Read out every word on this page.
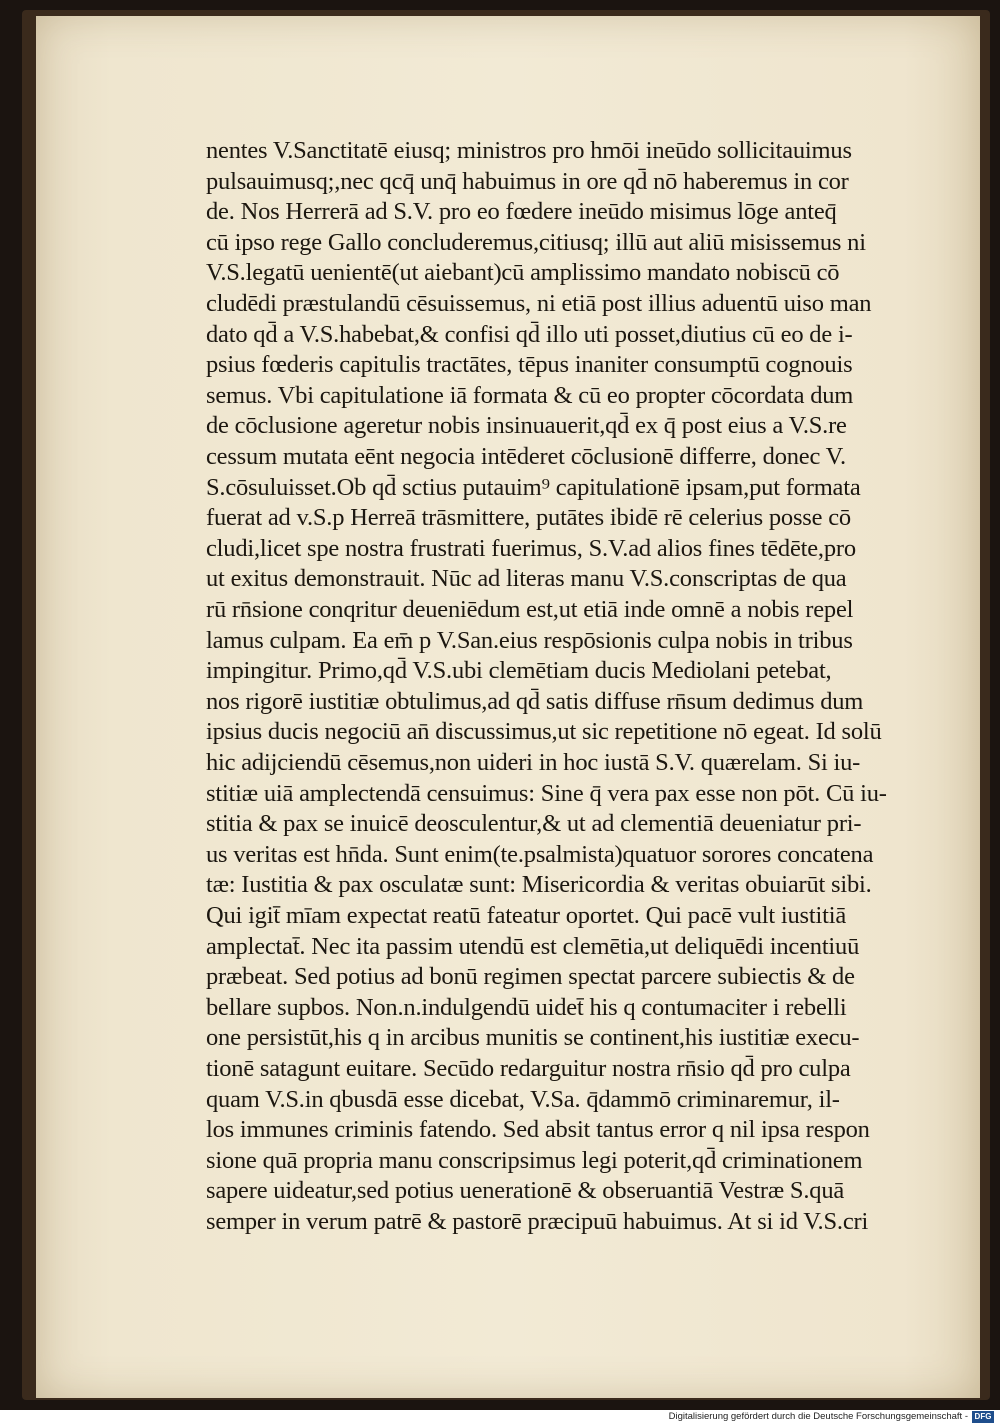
nentes V.Sanctitatē eiusq; ministros pro hmōi ineūdo sollicitauimus
pulsauimusq;,nec qcq̄ unq̄ habuimus in ore qd̄ nō haberemus in cor
de. Nos Herrerā ad S.V. pro eo fœdere ineūdo misimus lōge anteq̄
cū ipso rege Gallo concluderemus,citiusq; illū aut aliū misissemus ni
V.S.legatū uenientē(ut aiebant)cū amplissimo mandato nobiscū cō
cludēdi præstulandū cēsuissemus, ni etiā post illius aduentū uiso man
dato qd̄ a V.S.habebat,& confisi qd̄ illo uti posset,diutius cū eo de i-
psius fœderis capitulis tractātes, tēpus inaniter consumptū cognouis
semus. Vbi capitulatione iā formata & cū eo propter cōcordata dum
de cōclusione ageretur nobis insinuauerit,qd̄ ex q̄ post eius a V.S.re
cessum mutata eēnt negocia intēderet cōclusionē differre, donec V.
S.cōsuluisset.Ob qd̄ sctius putauim⁹ capitulationē ipsam,put formata
fuerat ad v.S.p Herreā trāsmittere, putātes ibidē rē celerius posse cō
cludi,licet spe nostra frustrati fuerimus, S.V.ad alios fines tēdēte,pro
ut exitus demonstrauit. Nūc ad literas manu V.S.conscriptas de qua
rū rn̄sione conqritur deueniēdum est,ut etiā inde omnē a nobis repel
lamus culpam. Ea em̄ p V.San.eius respōsionis culpa nobis in tribus
impingitur. Primo,qd̄ V.S.ubi clemētiam ducis Mediolani petebat,
nos rigorē iustitiæ obtulimus,ad qd̄ satis diffuse rn̄sum dedimus dum
ipsius ducis negociū an̄ discussimus,ut sic repetitione nō egeat. Id solū
hic adijciendū cēsemus,non uideri in hoc iustā S.V. quærelam. Si iu-
stitiæ uiā amplectendā censuimus: Sine q̄ vera pax esse non pōt. Cū iu-
stitia & pax se inuicē deosculentur,& ut ad clementiā deueniatur pri-
us veritas est hn̄da. Sunt enim(te.psalmista)quatuor sorores concatena
tæ: Iustitia & pax osculatæ sunt: Misericordia & veritas obuiarūt sibi.
Qui igit̄ mīam expectat reatū fateatur oportet. Qui pacē vult iustitiā
amplectat̄. Nec ita passim utendū est clemētia,ut deliquēdi incentiuū
præbeat. Sed potius ad bonū regimen spectat parcere subiectis & de
bellare supbos. Non.n.indulgendū uidet̄ his q contumaciter i rebelli
one persistūt,his q in arcibus munitis se continent,his iustitiæ execu-
tionē satagunt euitare. Secūdo redarguitur nostra rn̄sio qd̄ pro culpa
quam V.S.in qbusdā esse dicebat, V.Sa. q̄dammō criminaremur, il-
los immunes criminis fatendo. Sed absit tantus error q nil ipsa respon
sione quā propria manu conscripsimus legi poterit,qd̄ criminationem
sapere uideatur,sed potius uenerationē & obseruantiā Vestræ S.quā
semper in verum patrē & pastorē præcipuū habuimus. At si id V.S.cri
Digitalisierung gefördert durch die Deutsche Forschungsgemeinschaft - DFG
